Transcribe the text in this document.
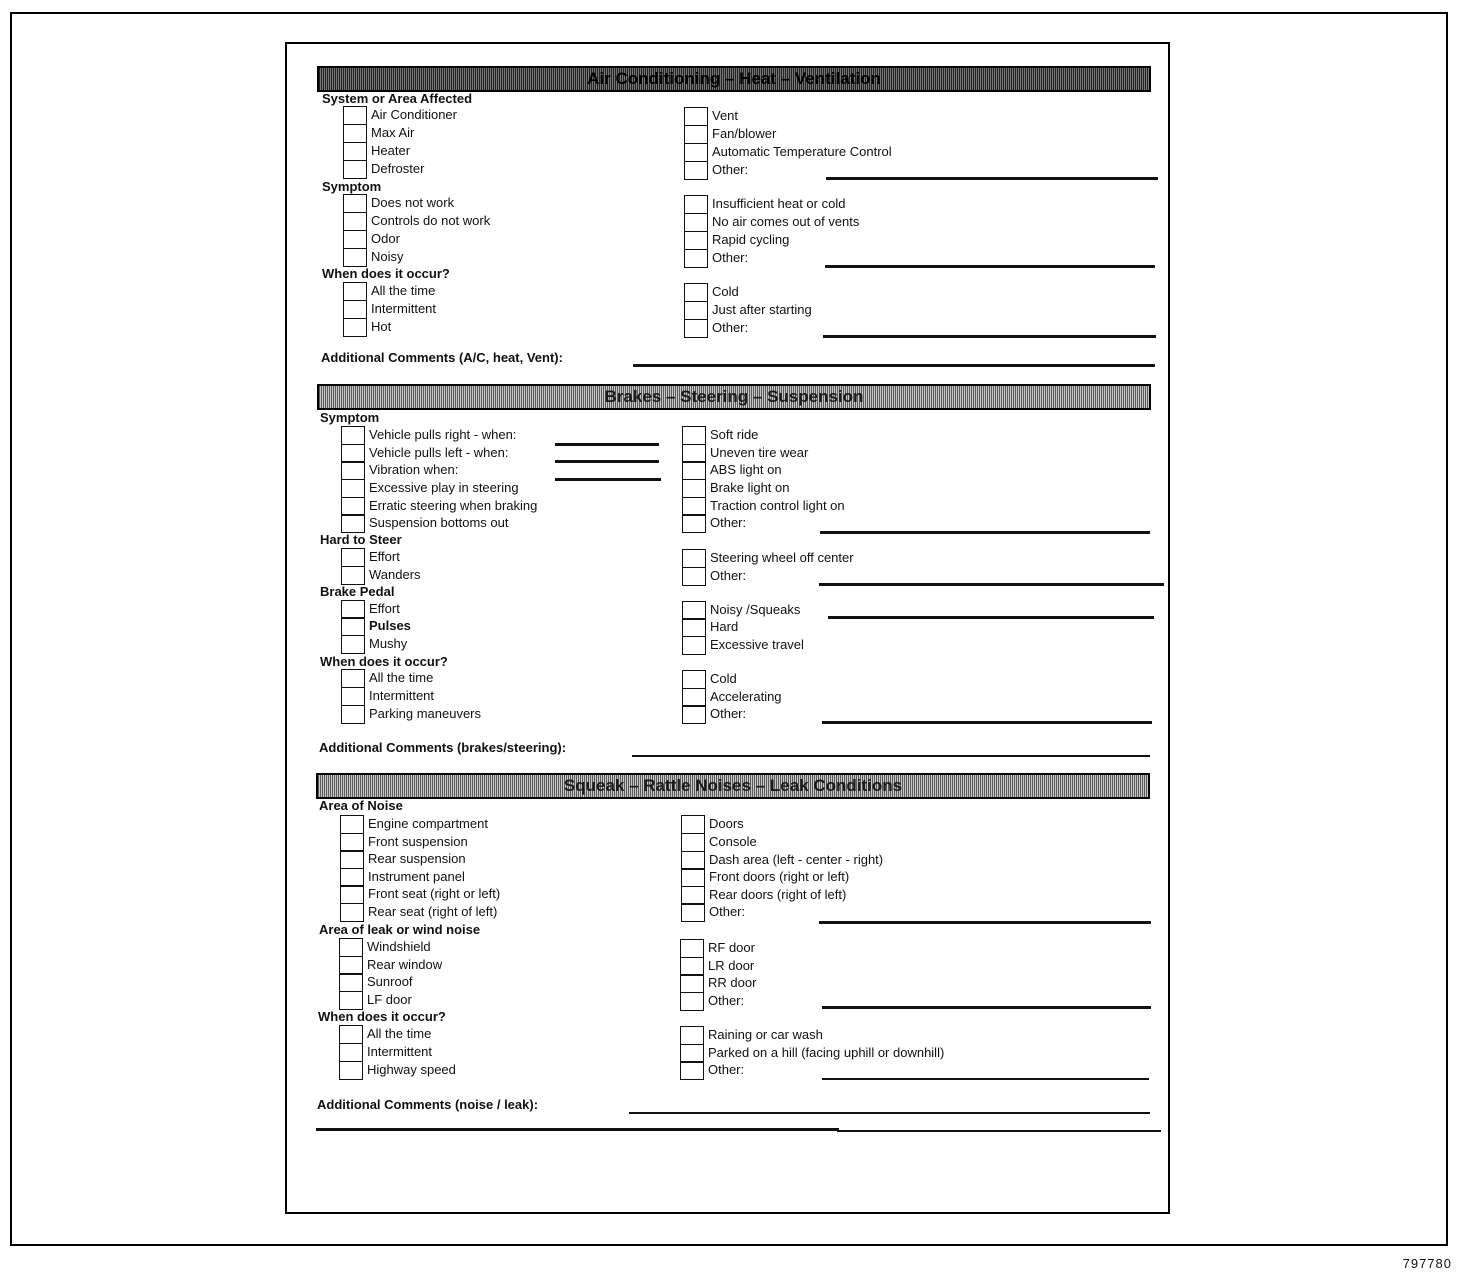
Air Conditioning – Heat – Ventilation
System or Area Affected
Air Conditioner
Max Air
Heater
Defroster
Vent
Fan/blower
Automatic Temperature Control
Other:
Symptom
Does not work
Controls do not work
Odor
Noisy
Insufficient heat or cold
No air comes out of vents
Rapid cycling
Other:
When does it occur?
All the time
Intermittent
Hot
Cold
Just after starting
Other:
Additional Comments (A/C, heat, Vent):
Brakes – Steering – Suspension
Symptom
Vehicle pulls right - when:
Vehicle pulls left - when:
Vibration when:
Excessive play in steering
Erratic steering when braking
Suspension bottoms out
Soft ride
Uneven tire wear
ABS light on
Brake light on
Traction control light on
Other:
Hard to Steer
Effort
Wanders
Steering wheel off center
Other:
Brake Pedal
Effort
Pulses
Mushy
Noisy /Squeaks
Hard
Excessive travel
When does it occur?
All the time
Intermittent
Parking maneuvers
Cold
Accelerating
Other:
Additional Comments (brakes/steering):
Squeak – Rattle Noises – Leak Conditions
Area of Noise
Engine compartment
Front suspension
Rear suspension
Instrument panel
Front seat (right or left)
Rear seat (right of left)
Doors
Console
Dash area (left - center - right)
Front doors (right or left)
Rear doors (right of left)
Other:
Area of leak or wind noise
Windshield
Rear window
Sunroof
LF door
RF door
LR door
RR door
Other:
When does it occur?
All the time
Intermittent
Highway speed
Raining or car wash
Parked on a hill (facing uphill or downhill)
Other:
Additional Comments (noise / leak):
797780
